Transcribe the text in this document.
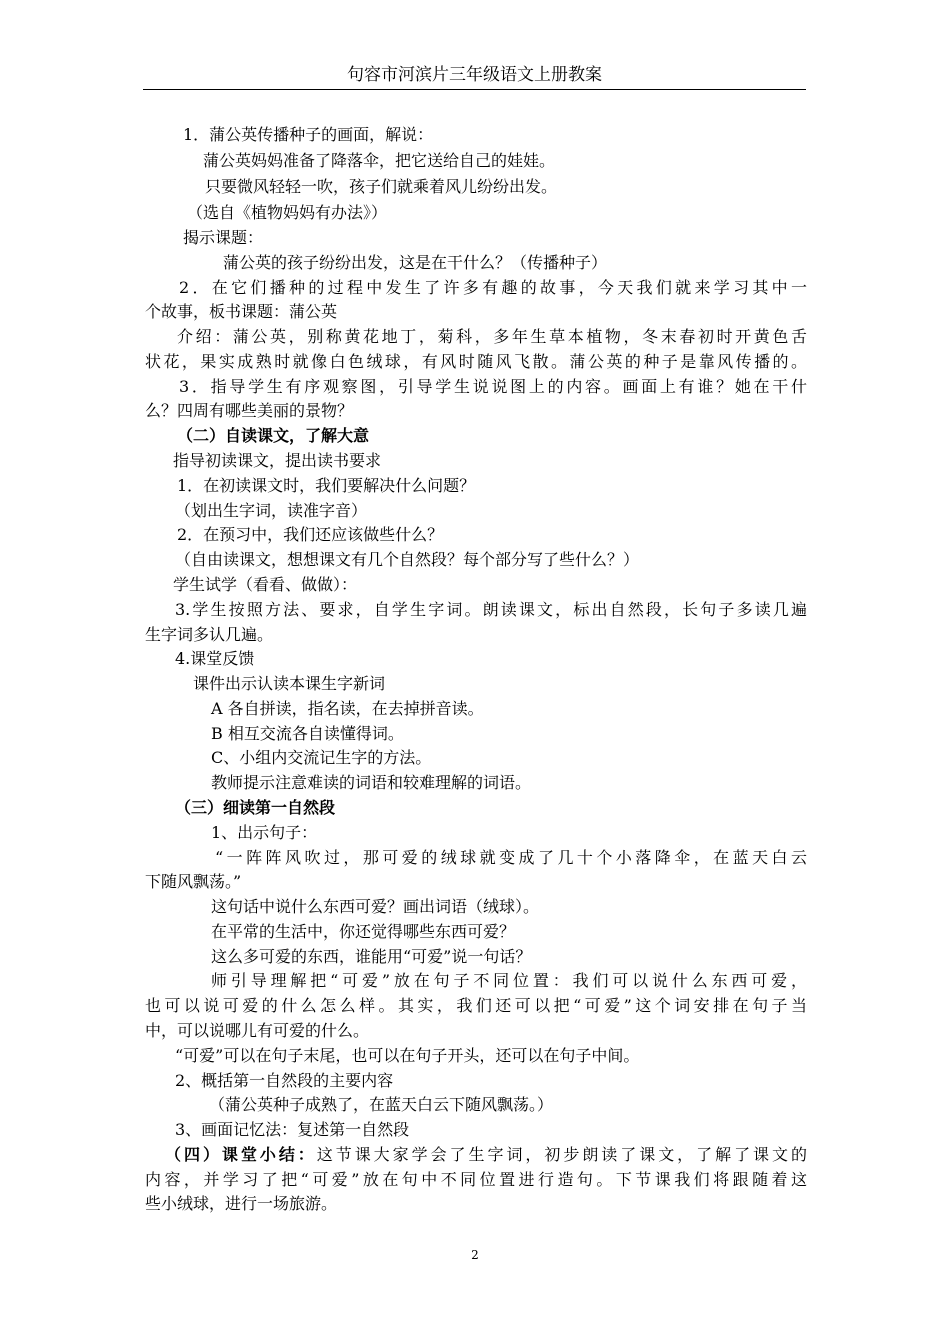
句容市河滨片三年级语文上册教案
1．蒲公英传播种子的画面，解说：
蒲公英妈妈准备了降落伞，把它送给自己的娃娃。
只要微风轻轻一吹，孩子们就乘着风儿纷纷出发。
（选自《植物妈妈有办法》）
揭示课题：
蒲公英的孩子纷纷出发，这是在干什么？（传播种子）
2．在它们播种的过程中发生了许多有趣的故事，今天我们就来学习其中一
个故事，板书课题：蒲公英
介绍：蒲公英，别称黄花地丁，菊科，多年生草本植物，冬末春初时开黄色舌
状花，果实成熟时就像白色绒球，有风时随风飞散。蒲公英的种子是靠风传播的。
3．指导学生有序观察图，引导学生说说图上的内容。画面上有谁？她在干什
么？四周有哪些美丽的景物？
（二）自读课文，了解大意
指导初读课文，提出读书要求
1．在初读课文时，我们要解决什么问题？
（划出生字词，读准字音）
2．在预习中，我们还应该做些什么？
（自由读课文，想想课文有几个自然段？每个部分写了些什么？）
学生试学（看看、做做）：
3.学生按照方法、要求，自学生字词。朗读课文，标出自然段，长句子多读几遍
生字词多认几遍。
4.课堂反馈
课件出示认读本课生字新词
A 各自拼读，指名读，在去掉拼音读。
B 相互交流各自读懂得词。
C、小组内交流记生字的方法。
教师提示注意难读的词语和较难理解的词语。
（三）细读第一自然段
1、出示句子：
“一阵阵风吹过，那可爱的绒球就变成了几十个小落降伞，在蓝天白云
下随风飘荡。”
这句话中说什么东西可爱？画出词语（绒球）。
在平常的生活中，你还觉得哪些东西可爱？
这么多可爱的东西，谁能用“可爱”说一句话？
师引导理解把“可爱”放在句子不同位置：我们可以说什么东西可爱，
也可以说可爱的什么怎么样。其实，我们还可以把“可爱”这个词安排在句子当
中，可以说哪儿有可爱的什么。
“可爱”可以在句子末尾，也可以在句子开头，还可以在句子中间。
2、概括第一自然段的主要内容
（蒲公英种子成熟了，在蓝天白云下随风飘荡。）
3、画面记忆法：复述第一自然段
（四）课堂小结：这节课大家学会了生字词，初步朗读了课文，了解了课文的
内容，并学习了把“可爱”放在句中不同位置进行造句。下节课我们将跟随着这
些小绒球，进行一场旅游。
2
